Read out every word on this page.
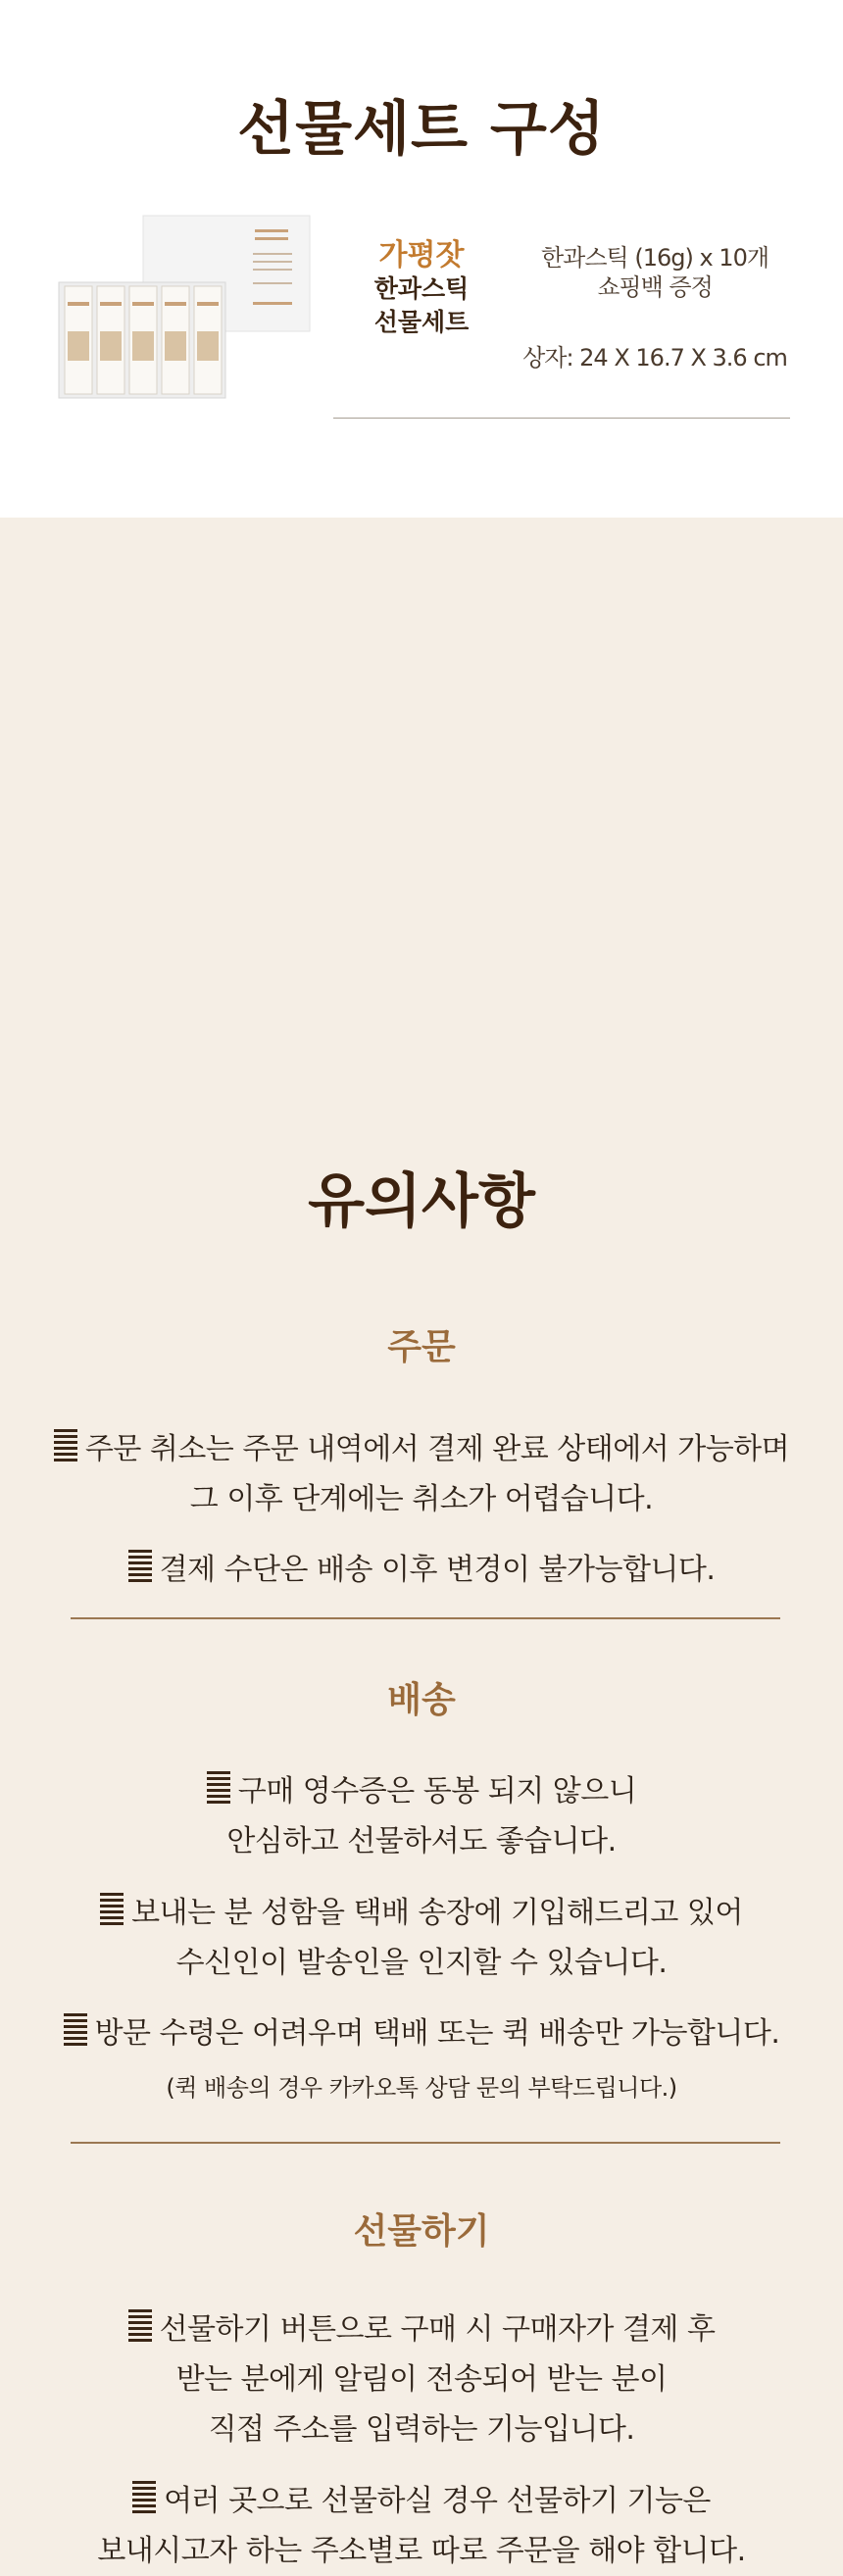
선물세트 구성
가평잣
한과스틱
선물세트
한과스틱 (16g) x 10개
쇼핑백 증정
상자: 24 X 16.7 X 3.6 cm
유의사항
주문
주문 취소는 주문 내역에서 결제 완료 상태에서 가능하며
그 이후 단계에는 취소가 어렵습니다.
결제 수단은 배송 이후 변경이 불가능합니다.
배송
구매 영수증은 동봉 되지 않으니
안심하고 선물하셔도 좋습니다.
보내는 분 성함을 택배 송장에 기입해드리고 있어
수신인이 발송인을 인지할 수 있습니다.
방문 수령은 어려우며 택배 또는 퀵 배송만 가능합니다.
(퀵 배송의 경우 카카오톡 상담 문의 부탁드립니다.)
선물하기
선물하기 버튼으로 구매 시 구매자가 결제 후
받는 분에게 알림이 전송되어 받는 분이
직접 주소를 입력하는 기능입니다.
여러 곳으로 선물하실 경우 선물하기 기능은
보내시고자 하는 주소별로 따로 주문을 해야 합니다.
